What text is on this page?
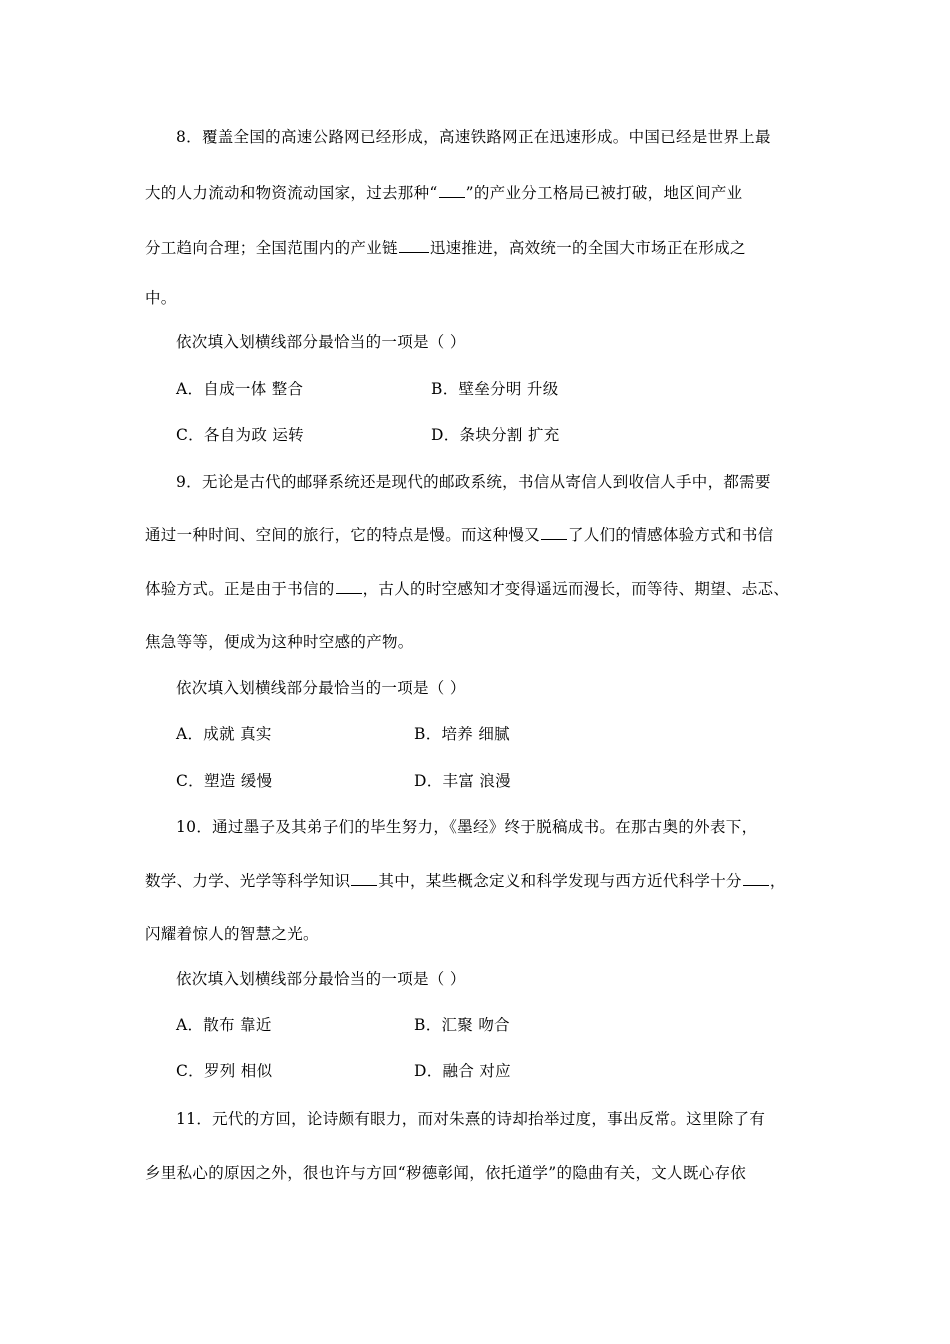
8．覆盖全国的高速公路网已经形成，高速铁路网正在迅速形成。中国已经是世界上最
大的人力流动和物资流动国家，过去那种“ ”的产业分工格局已被打破，地区间产业
分工趋向合理；全国范围内的产业链 迅速推进，高效统一的全国大市场正在形成之
中。
依次填入划横线部分最恰当的一项是（ ）
A．自成一体 整合	B．壁垒分明 升级
C．各自为政 运转	D．条块分割 扩充
9．无论是古代的邮驿系统还是现代的邮政系统，书信从寄信人到收信人手中，都需要
通过一种时间、空间的旅行，它的特点是慢。而这种慢又 了人们的情感体验方式和书信
体验方式。正是由于书信的 ，古人的时空感知才变得遥远而漫长，而等待、期望、忐忑、
焦急等等，便成为这种时空感的产物。
依次填入划横线部分最恰当的一项是（ ）
A．成就 真实	B．培养 细腻
C．塑造 缓慢	D．丰富 浪漫
10．通过墨子及其弟子们的毕生努力，《墨经》终于脱稿成书。在那古奥的外表下，
数学、力学、光学等科学知识 其中，某些概念定义和科学发现与西方近代科学十分 ，
闪耀着惊人的智慧之光。
依次填入划横线部分最恰当的一项是（ ）
A．散布 靠近	B．汇聚 吻合
C．罗列 相似	D．融合 对应
11．元代的方回，论诗颇有眼力，而对朱熹的诗却抬举过度，事出反常。这里除了有
乡里私心的原因之外，很也许与方回“秽德彰闻，依托道学”的隐曲有关，文人既心存依
